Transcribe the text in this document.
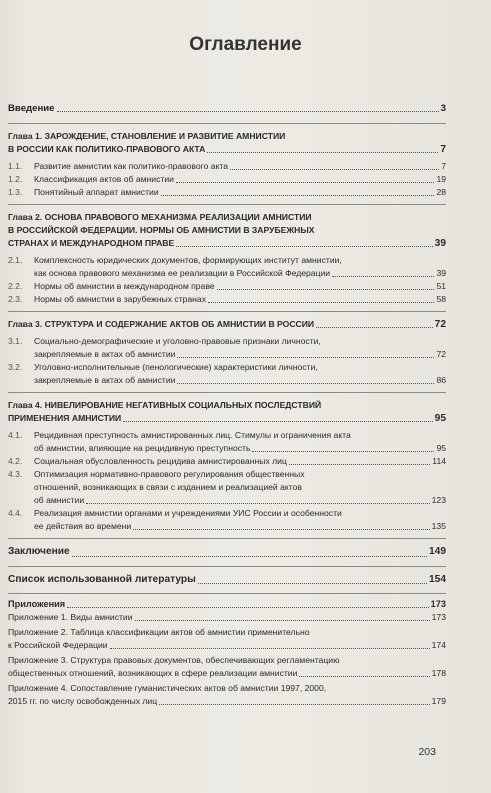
Оглавление
Введение	3
Глава 1. ЗАРОЖДЕНИЕ, СТАНОВЛЕНИЕ И РАЗВИТИЕ АМНИСТИИ
В РОССИИ КАК ПОЛИТИКО-ПРАВОВОГО АКТА	7
1.1.	Развитие амнистии как политико-правового акта	7
1.2.	Классификация актов об амнистии	19
1.3.	Понятийный аппарат амнистии	28
Глава 2. ОСНОВА ПРАВОВОГО МЕХАНИЗМА РЕАЛИЗАЦИИ АМНИСТИИ
В РОССИЙСКОЙ ФЕДЕРАЦИИ. НОРМЫ ОБ АМНИСТИИ В ЗАРУБЕЖНЫХ
СТРАНАХ И МЕЖДУНАРОДНОМ ПРАВЕ	39
2.1.	Комплексность юридических документов, формирующих институт амнистии,
как основа правового механизма ее реализации в Российской Федерации	39
2.2.	Нормы об амнистии в международном праве	51
2.3.	Нормы об амнистии в зарубежных странах	58
Глава 3. СТРУКТУРА И СОДЕРЖАНИЕ АКТОВ ОБ АМНИСТИИ В РОССИИ	72
3.1.	Социально-демографические и уголовно-правовые признаки личности,
закрепляемые в актах об амнистии	72
3.2.	Уголовно-исполнительные (пенологические) характеристики личности,
закрепляемые в актах об амнистии	86
Глава 4. НИВЕЛИРОВАНИЕ НЕГАТИВНЫХ СОЦИАЛЬНЫХ ПОСЛЕДСТВИЙ
ПРИМЕНЕНИЯ АМНИСТИИ	95
4.1.	Рецидивная преступность амнистированных лиц. Стимулы и ограничения акта
об амнистии, влияющие на рецидивную преступность	95
4.2.	Социальная обусловленность рецидива амнистированных лиц	114
4.3.	Оптимизация нормативно-правового регулирования общественных
отношений, возникающих в связи с изданием и реализацией актов
об амнистии	123
4.4.	Реализация амнистии органами и учреждениями УИС России и особенности
ее действия во времени	135
Заключение	149
Список использованной литературы	154
Приложения	173
Приложение 1. Виды амнистии	173
Приложение 2. Таблица классификации актов об амнистии применительно
к Российской Федерации	174
Приложение 3. Структура правовых документов, обеспечивающих регламентацию
общественных отношений, возникающих в сфере реализации амнистии	178
Приложение 4. Сопоставление гуманистических актов об амнистии 1997, 2000,
2015 гг. по числу освобожденных лиц	179
203
